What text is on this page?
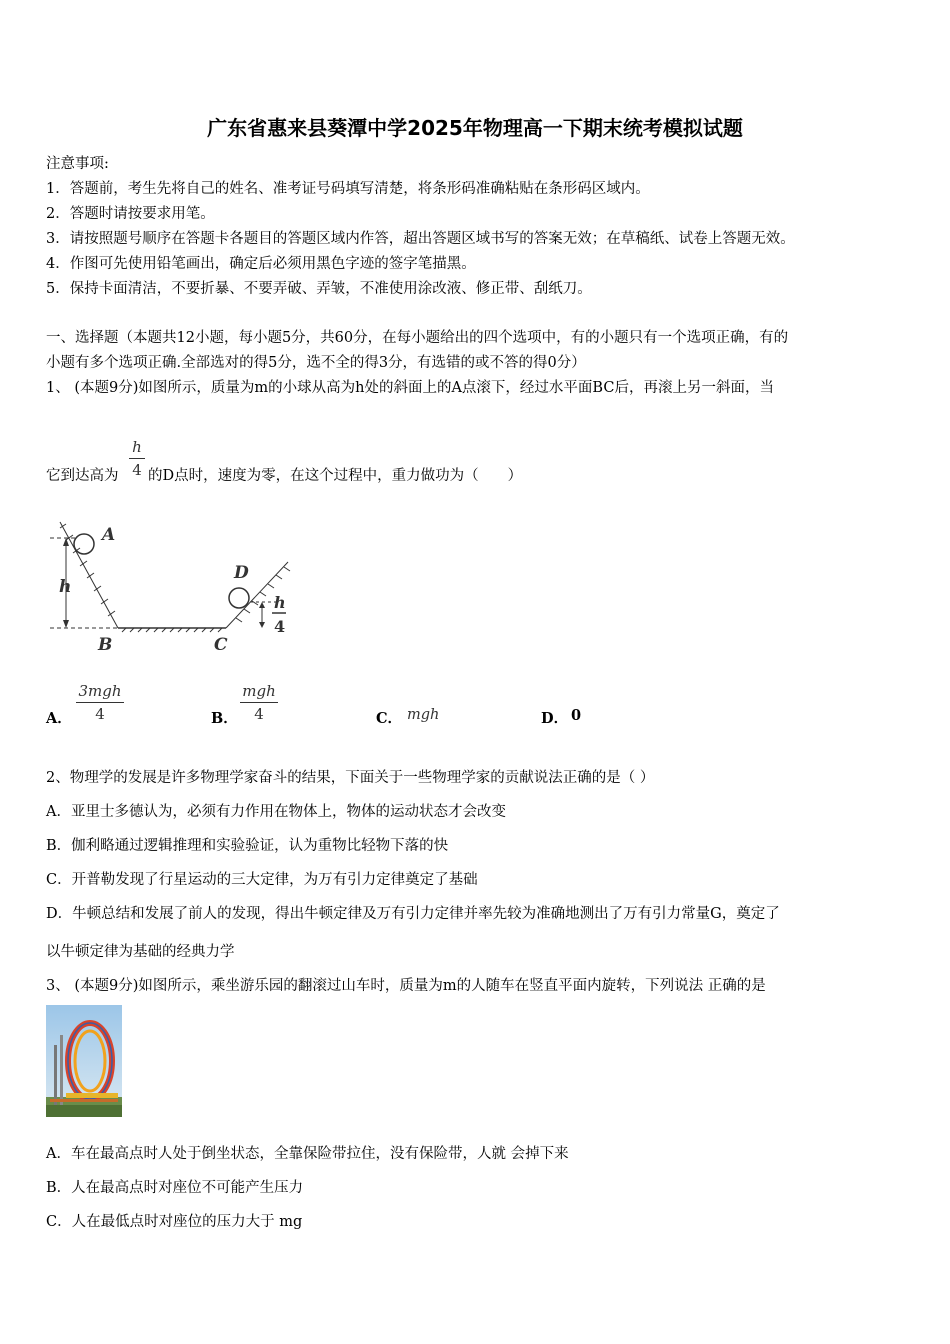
广东省惠来县葵潭中学2025年物理高一下期末统考模拟试题
注意事项:
1．答题前，考生先将自己的姓名、准考证号码填写清楚，将条形码准确粘贴在条形码区域内。
2．答题时请按要求用笔。
3．请按照题号顺序在答题卡各题目的答题区域内作答，超出答题区域书写的答案无效；在草稿纸、试卷上答题无效。
4．作图可先使用铅笔画出，确定后必须用黑色字迹的签字笔描黑。
5．保持卡面清洁，不要折暴、不要弄破、弄皱，不准使用涂改液、修正带、刮纸刀。
一、选择题（本题共12小题，每小题5分，共60分，在每小题给出的四个选项中，有的小题只有一个选项正确，有的
小题有多个选项正确.全部选对的得5分，选不全的得3分，有选错的或不答的得0分）
1、 (本题9分)如图所示，质量为m的小球从高为h处的斜面上的A点滚下，经过水平面BC后，再滚上另一斜面，当
它到达高为
h
4 的D点时，速度为零，在这个过程中，重力做功为（　　）
A
h
B	C
D
h
4
A．
3mgh
4	B．
mgh
4	C． mgh	D． 0
2、物理学的发展是许多物理学家奋斗的结果，下面关于一些物理学家的贡献说法正确的是（ ）
A．亚里士多德认为，必须有力作用在物体上，物体的运动状态才会改变
B．伽利略通过逻辑推理和实验验证，认为重物比轻物下落的快
C．开普勒发现了行星运动的三大定律，为万有引力定律奠定了基础
D．牛顿总结和发展了前人的发现，得出牛顿定律及万有引力定律并率先较为准确地测出了万有引力常量G，奠定了
以牛顿定律为基础的经典力学
3、 (本题9分)如图所示，乘坐游乐园的翻滚过山车时，质量为m的人随车在竖直平面内旋转，下列说法 正确的是
A．车在最高点时人处于倒坐状态，全靠保险带拉住，没有保险带，人就 会掉下来
B．人在最高点时对座位不可能产生压力
C．人在最低点时对座位的压力大于 mg
